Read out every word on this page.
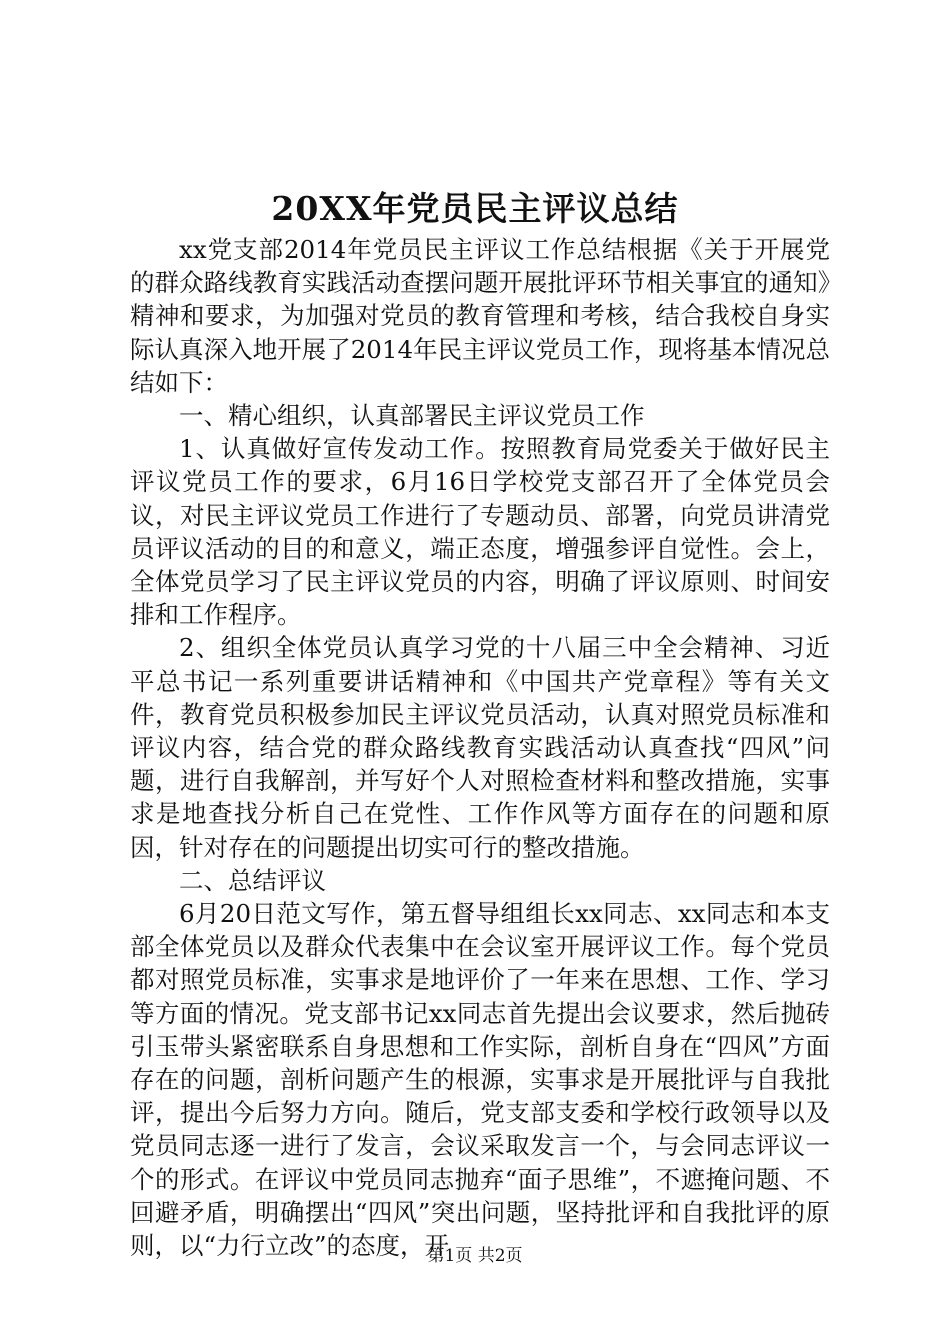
20XX年党员民主评议总结

xx党支部2014年党员民主评议工作总结根据《关于开展党的群众路线教育实践活动查摆问题开展批评环节相关事宜的通知》精神和要求，为加强对党员的教育管理和考核，结合我校自身实际认真深入地开展了2014年民主评议党员工作，现将基本情况总结如下：

一、精心组织，认真部署民主评议党员工作

1、认真做好宣传发动工作。按照教育局党委关于做好民主评议党员工作的要求，6月16日学校党支部召开了全体党员会议，对民主评议党员工作进行了专题动员、部署，向党员讲清党员评议活动的目的和意义，端正态度，增强参评自觉性。会上，全体党员学习了民主评议党员的内容，明确了评议原则、时间安排和工作程序。

2、组织全体党员认真学习党的十八届三中全会精神、习近平总书记一系列重要讲话精神和《中国共产党章程》等有关文件，教育党员积极参加民主评议党员活动，认真对照党员标准和评议内容，结合党的群众路线教育实践活动认真查找“四风”问题，进行自我解剖，并写好个人对照检查材料和整改措施，实事求是地查找分析自己在党性、工作作风等方面存在的问题和原因，针对存在的问题提出切实可行的整改措施。

二、总结评议

6月20日范文写作，第五督导组组长xx同志、xx同志和本支部全体党员以及群众代表集中在会议室开展评议工作。每个党员都对照党员标准，实事求是地评价了一年来在思想、工作、学习等方面的情况。党支部书记xx同志首先提出会议要求，然后抛砖引玉带头紧密联系自身思想和工作实际，剖析自身在“四风”方面存在的问题，剖析问题产生的根源，实事求是开展批评与自我批评，提出今后努力方向。随后，党支部支委和学校行政领导以及党员同志逐一进行了发言，会议采取发言一个，与会同志评议一个的形式。在评议中党员同志抛弃“面子思维”，不遮掩问题、不回避矛盾，明确摆出“四风”突出问题，坚持批评和自我批评的原则，以“力行立改”的态度，开

第1页 共2页
